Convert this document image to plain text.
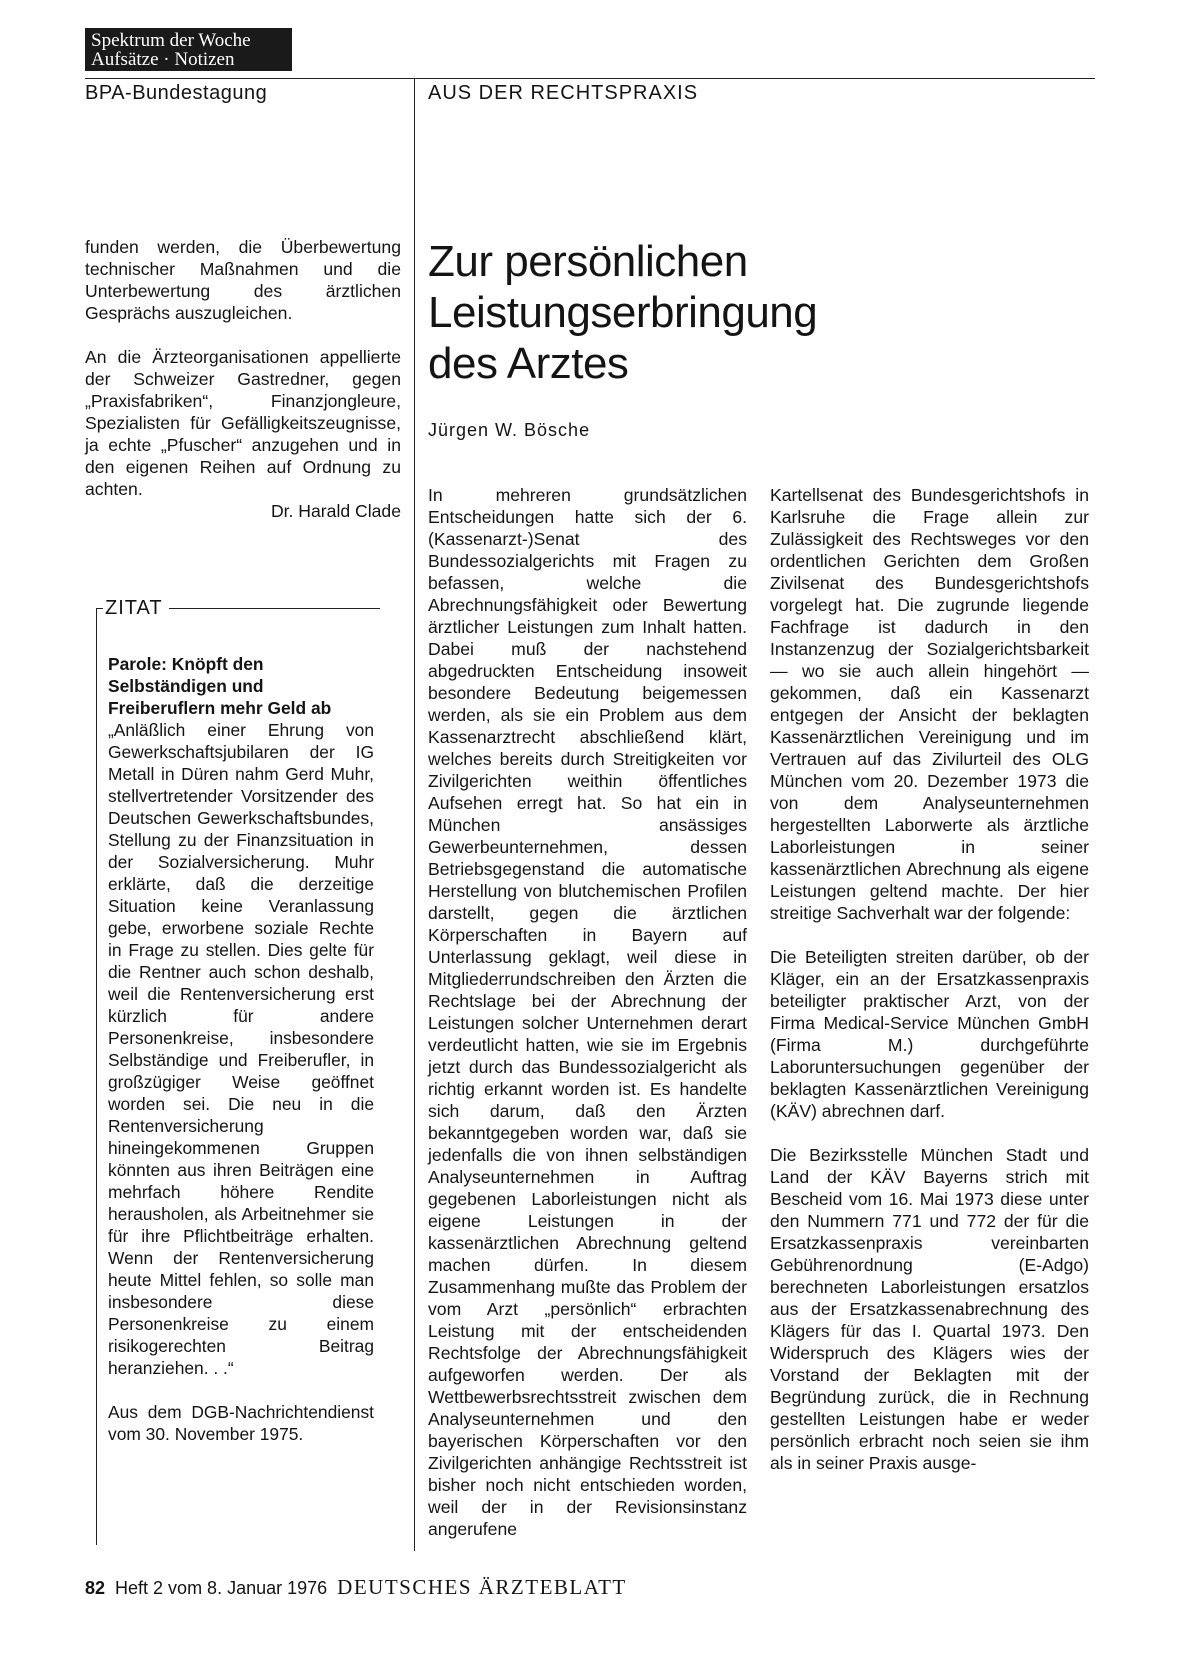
Spektrum der Woche
Aufsätze · Notizen
BPA-Bundestagung	AUS DER RECHTSPRAXIS

funden werden, die Überbewertung technischer Maßnahmen und die Unterbewertung des ärztlichen Gesprächs auszugleichen.

An die Ärzteorganisationen appellierte der Schweizer Gastredner, gegen „Praxisfabriken“, Finanzjongleure, Spezialisten für Gefälligkeitszeugnisse, ja echte „Pfuscher“ anzugehen und in den eigenen Reihen auf Ordnung zu achten.

Dr. Harald Clade
ZITAT

Parole: Knöpft den Selbständigen und Freiberuflern mehr Geld ab

„Anläßlich einer Ehrung von Gewerkschaftsjubilaren der IG Metall in Düren nahm Gerd Muhr, stellvertretender Vorsitzender des Deutschen Gewerkschaftsbundes, Stellung zu der Finanzsituation in der Sozialversicherung. Muhr erklärte, daß die derzeitige Situation keine Veranlassung gebe, erworbene soziale Rechte in Frage zu stellen. Dies gelte für die Rentner auch schon deshalb, weil die Rentenversicherung erst kürzlich für andere Personenkreise, insbesondere Selbständige und Freiberufler, in großzügiger Weise geöffnet worden sei. Die neu in die Rentenversicherung hineingekommenen Gruppen könnten aus ihren Beiträgen eine mehrfach höhere Rendite herausholen, als Arbeitnehmer sie für ihre Pflichtbeiträge erhalten. Wenn der Rentenversicherung heute Mittel fehlen, so solle man insbesondere diese Personenkreise zu einem risikogerechten Beitrag heranziehen. . .“

Aus dem DGB-Nachrichtendienst vom 30. November 1975.

Zur persönlichen
Leistungserbringung
des Arztes
Jürgen W. Bösche

In mehreren grundsätzlichen Entscheidungen hatte sich der 6. (Kassenarzt-)Senat des Bundessozialgerichts mit Fragen zu befassen, welche die Abrechnungsfähigkeit oder Bewertung ärztlicher Leistungen zum Inhalt hatten. Dabei muß der nachstehend abgedruckten Entscheidung insoweit besondere Bedeutung beigemessen werden, als sie ein Problem aus dem Kassenarztrecht abschließend klärt, welches bereits durch Streitigkeiten vor Zivilgerichten weithin öffentliches Aufsehen erregt hat. So hat ein in München ansässiges Gewerbeunternehmen, dessen Betriebsgegenstand die automatische Herstellung von blutchemischen Profilen darstellt, gegen die ärztlichen Körperschaften in Bayern auf Unterlassung geklagt, weil diese in Mitgliederrundschreiben den Ärzten die Rechtslage bei der Abrechnung der Leistungen solcher Unternehmen derart verdeutlicht hatten, wie sie im Ergebnis jetzt durch das Bundessozialgericht als richtig erkannt worden ist. Es handelte sich darum, daß den Ärzten bekanntgegeben worden war, daß sie jedenfalls die von ihnen selbständigen Analyseunternehmen in Auftrag gegebenen Laborleistungen nicht als eigene Leistungen in der kassenärztlichen Abrechnung geltend machen dürfen. In diesem Zusammenhang mußte das Problem der vom Arzt „persönlich“ erbrachten Leistung mit der entscheidenden Rechtsfolge der Abrechnungsfähigkeit aufgeworfen werden. Der als Wettbewerbsrechtsstreit zwischen dem Analyseunternehmen und den bayerischen Körperschaften vor den Zivilgerichten anhängige Rechtsstreit ist bisher noch nicht entschieden worden, weil der in der Revisionsinstanz angerufene

Kartellsenat des Bundesgerichtshofs in Karlsruhe die Frage allein zur Zulässigkeit des Rechtsweges vor den ordentlichen Gerichten dem Großen Zivilsenat des Bundesgerichtshofs vorgelegt hat. Die zugrunde liegende Fachfrage ist dadurch in den Instanzenzug der Sozialgerichtsbarkeit — wo sie auch allein hingehört — gekommen, daß ein Kassenarzt entgegen der Ansicht der beklagten Kassenärztlichen Vereinigung und im Vertrauen auf das Zivilurteil des OLG München vom 20. Dezember 1973 die von dem Analyseunternehmen hergestellten Laborwerte als ärztliche Laborleistungen in seiner kassenärztlichen Abrechnung als eigene Leistungen geltend machte. Der hier streitige Sachverhalt war der folgende:

Die Beteiligten streiten darüber, ob der Kläger, ein an der Ersatzkassenpraxis beteiligter praktischer Arzt, von der Firma Medical-Service München GmbH (Firma M.) durchgeführte Laboruntersuchungen gegenüber der beklagten Kassenärztlichen Vereinigung (KÄV) abrechnen darf.

Die Bezirksstelle München Stadt und Land der KÄV Bayerns strich mit Bescheid vom 16. Mai 1973 diese unter den Nummern 771 und 772 der für die Ersatzkassenpraxis vereinbarten Gebührenordnung (E-Adgo) berechneten Laborleistungen ersatzlos aus der Ersatzkassenabrechnung des Klägers für das I. Quartal 1973. Den Widerspruch des Klägers wies der Vorstand der Beklagten mit der Begründung zurück, die in Rechnung gestellten Leistungen habe er weder persönlich erbracht noch seien sie ihm als in seiner Praxis ausge-

82 Heft 2 vom 8. Januar 1976 DEUTSCHES ÄRZTEBLATT
